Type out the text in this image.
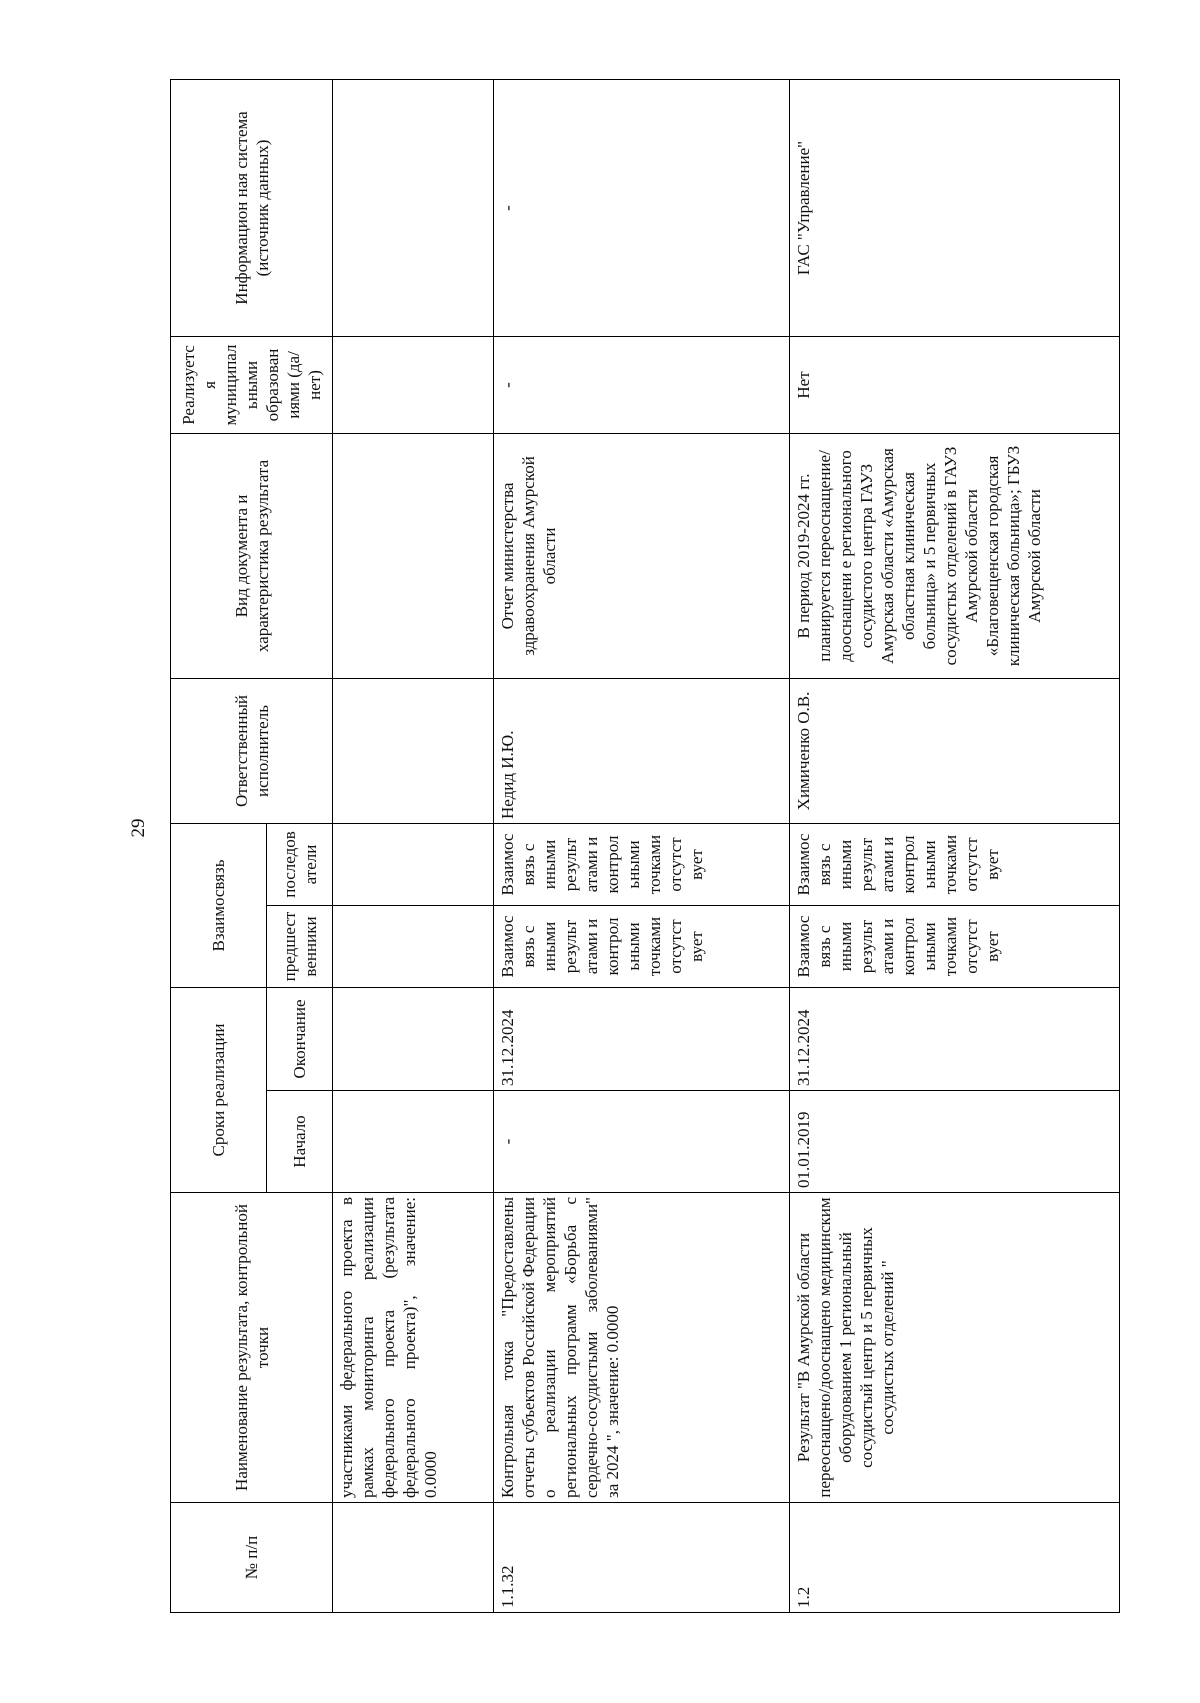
29
№ п/п	Наименование результата, контрольной точки	Сроки реализации		Взаимосвязь		Ответственный исполнитель	Вид документа и характеристика результата	Реализуетс я муниципал ьными образован иями (да/нет)	Информацион ная система (источник данных)
		Начало	Окончание	предшест венники	последов атели				
	участниками федерального проекта в рамках мониторинга реализации федерального проекта (результата федерального проекта)", значение: 0.0000								
1.1.32	Контрольная точка "Предоставлены отчеты субъектов Российской Федерации о реализации мероприятий региональных программ «Борьба с сердечно-сосудистыми заболеваниями" за 2024 ", значение: 0.0000	-	31.12.2024	Взаимос вязь с иными результ атами и контрол ьными точками отсутст вует	Взаимос вязь с иными результ атами и контрол ьными точками отсутст вует	Недид И.Ю.	Отчет министерства здравоохранения Амурской области	-	-
1.2	Результат "В Амурской области переоснащено/дооснащено медицинским оборудованием 1 региональный сосудистый центр и 5 первичных сосудистых отделений "	01.01.2019	31.12.2024	Взаимос вязь с иными результ атами и контрол ьными точками отсутст вует	Взаимос вязь с иными результ атами и контрол ьными точками отсутст вует	Химиченко О.В.	В период 2019-2024 гг. планируется переоснащение/дооснащени е регионального сосудистого центра ГАУЗ Амурская области «Амурская областная клиническая больница» и 5 первичных сосудистых отделений в ГАУЗ Амурской области «Благовещенская городская клиническая больница»; ГБУЗ Амурской области	Нет	ГАС "Управление"
